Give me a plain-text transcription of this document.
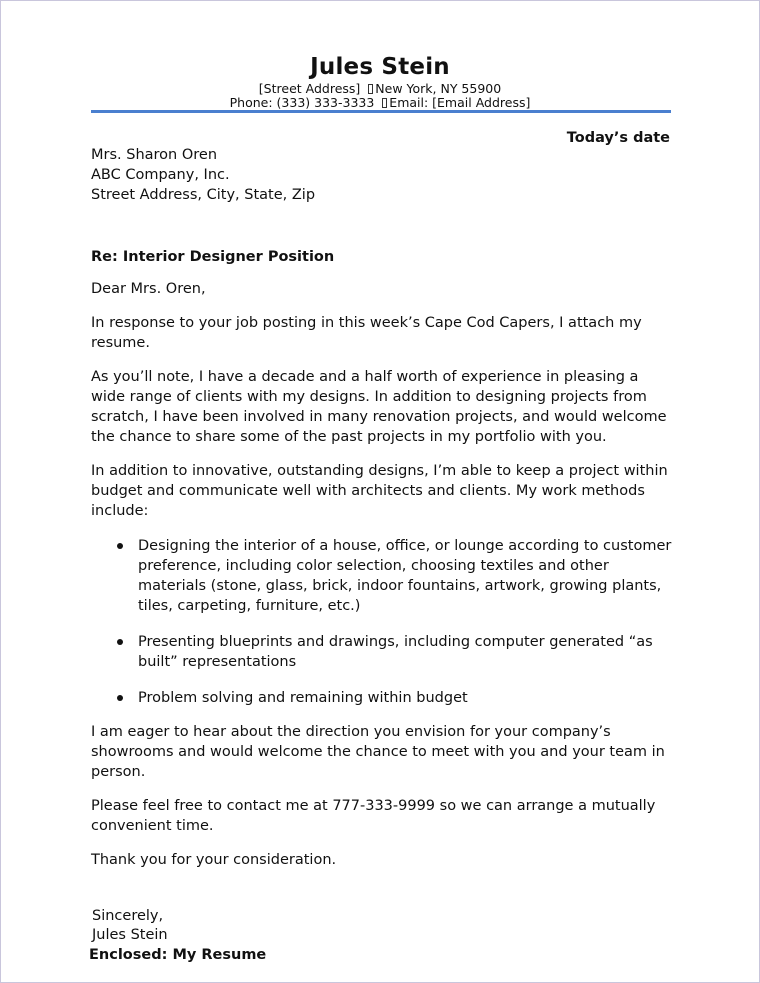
Jules Stein
[Street Address] New York, NY 55900
Phone: (333) 333-3333 Email: [Email Address]
Today’s date

Mrs. Sharon Oren
ABC Company, Inc.
Street Address, City, State, Zip

Re: Interior Designer Position

Dear Mrs. Oren,

In response to your job posting in this week’s Cape Cod Capers, I attach my resume.

As you’ll note, I have a decade and a half worth of experience in pleasing a wide range of clients with my designs. In addition to designing projects from scratch, I have been involved in many renovation projects, and would welcome the chance to share some of the past projects in my portfolio with you.

In addition to innovative, outstanding designs, I’m able to keep a project within budget and communicate well with architects and clients. My work methods include:

Designing the interior of a house, office, or lounge according to customer preference, including color selection, choosing textiles and other materials (stone, glass, brick, indoor fountains, artwork, growing plants, tiles, carpeting, furniture, etc.)
Presenting blueprints and drawings, including computer generated “as built” representations
Problem solving and remaining within budget

I am eager to hear about the direction you envision for your company’s showrooms and would welcome the chance to meet with you and your team in person.

Please feel free to contact me at 777-333-9999 so we can arrange a mutually convenient time.

Thank you for your consideration.

Sincerely,
Jules Stein
Enclosed: My Resume
